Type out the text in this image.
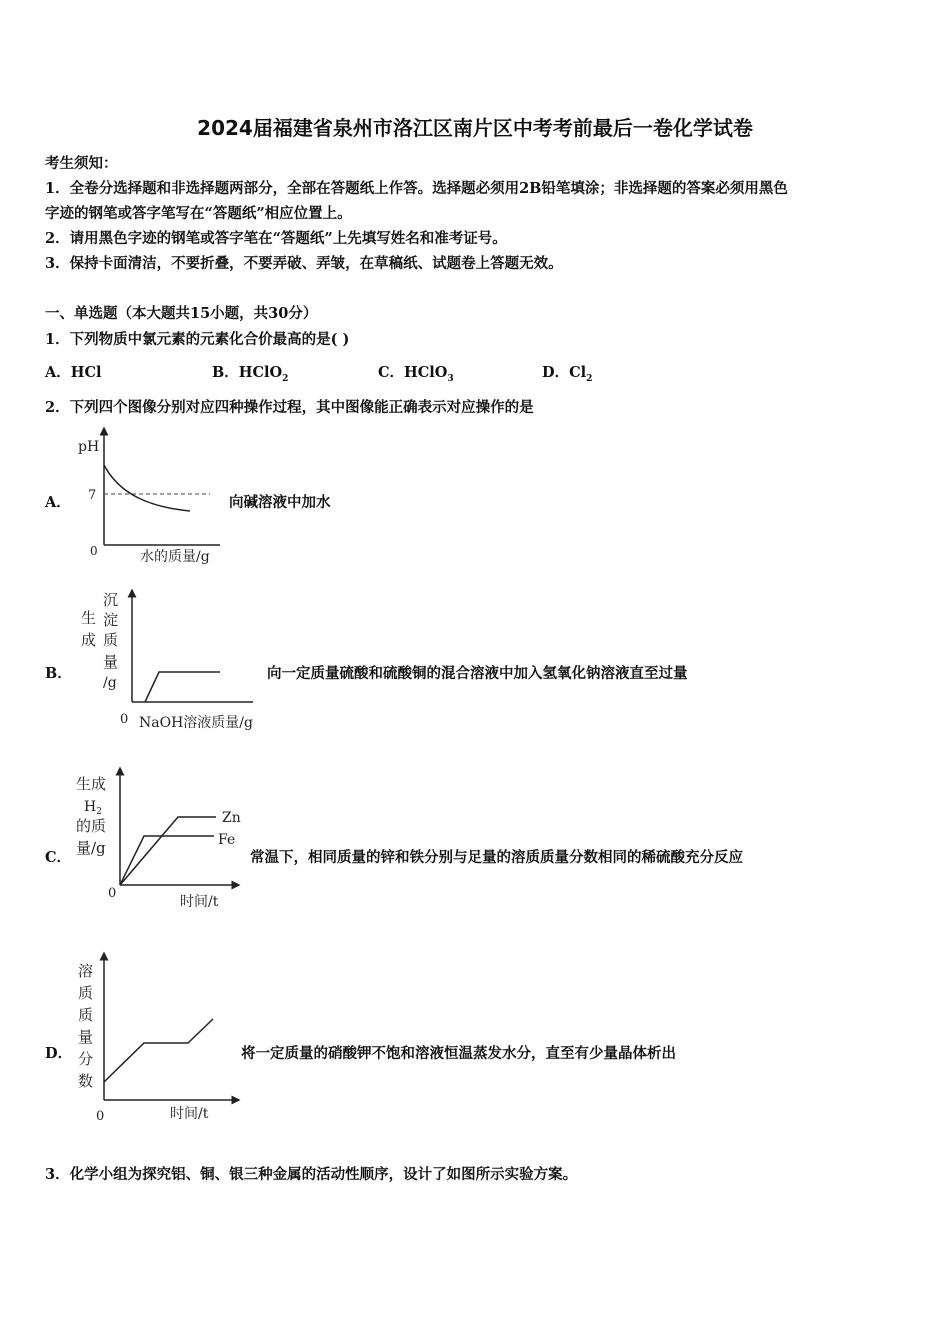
2024届福建省泉州市洛江区南片区中考考前最后一卷化学试卷
考生须知：
1．全卷分选择题和非选择题两部分，全部在答题纸上作答。选择题必须用2B铅笔填涂；非选择题的答案必须用黑色
字迹的钢笔或答字笔写在“答题纸”相应位置上。
2．请用黑色字迹的钢笔或答字笔在“答题纸”上先填写姓名和准考证号。
3．保持卡面清洁，不要折叠，不要弄破、弄皱，在草稿纸、试题卷上答题无效。
一、单选题（本大题共15小题，共30分）
1．下列物质中氯元素的元素化合价最高的是( )
A．HCl	B．HClO$_2$	C．HClO$_3$	D．$Cl_2$
2．下列四个图像分别对应四种操作过程，其中图像能正确表示对应操作的是
A．
pH
7
0	水的质量/g
向碱溶液中加水
B．
沉
淀
生
成 质
量
/g
0 NaOH溶液质量/g
向一定质量硫酸和硫酸铜的混合溶液中加入氢氧化钠溶液直至过量
C．
生成
$H_2$
的质
量/g
Zn
Fe
0
时间/t
常温下，相同质量的锌和铁分别与足量的溶质质量分数相同的稀硫酸充分反应
D．
溶
质
质
量
分
数
0	时间/t
将一定质量的硝酸钾不饱和溶液恒温蒸发水分，直至有少量晶体析出
3．化学小组为探究铝、铜、银三种金属的活动性顺序，设计了如图所示实验方案。
